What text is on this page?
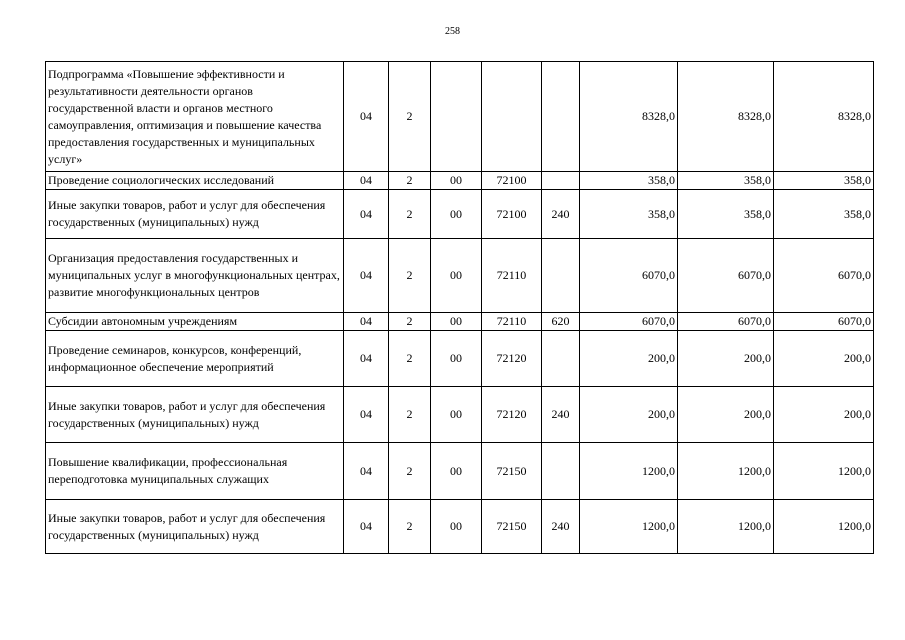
258
Подпрограмма «Повышение эффективности и результативности деятельности органов государственной власти и органов местного самоуправления, оптимизация и повышение качества предоставления государственных и муниципальных услуг»	04	2				8328,0	8328,0	8328,0
Проведение социологических исследований	04	2	00	72100		358,0	358,0	358,0
Иные закупки товаров, работ и услуг для обеспечения государственных (муниципальных) нужд	04	2	00	72100	240	358,0	358,0	358,0
Организация предоставления государственных и муниципальных услуг в многофункциональных центрах, развитие многофункциональных центров	04	2	00	72110		6070,0	6070,0	6070,0
Субсидии автономным учреждениям	04	2	00	72110	620	6070,0	6070,0	6070,0
Проведение семинаров, конкурсов, конференций, информационное обеспечение мероприятий	04	2	00	72120		200,0	200,0	200,0
Иные закупки товаров, работ и услуг для обеспечения государственных (муниципальных) нужд	04	2	00	72120	240	200,0	200,0	200,0
Повышение квалификации, профессиональная переподготовка муниципальных служащих	04	2	00	72150		1200,0	1200,0	1200,0
Иные закупки товаров, работ и услуг для обеспечения государственных (муниципальных) нужд	04	2	00	72150	240	1200,0	1200,0	1200,0
